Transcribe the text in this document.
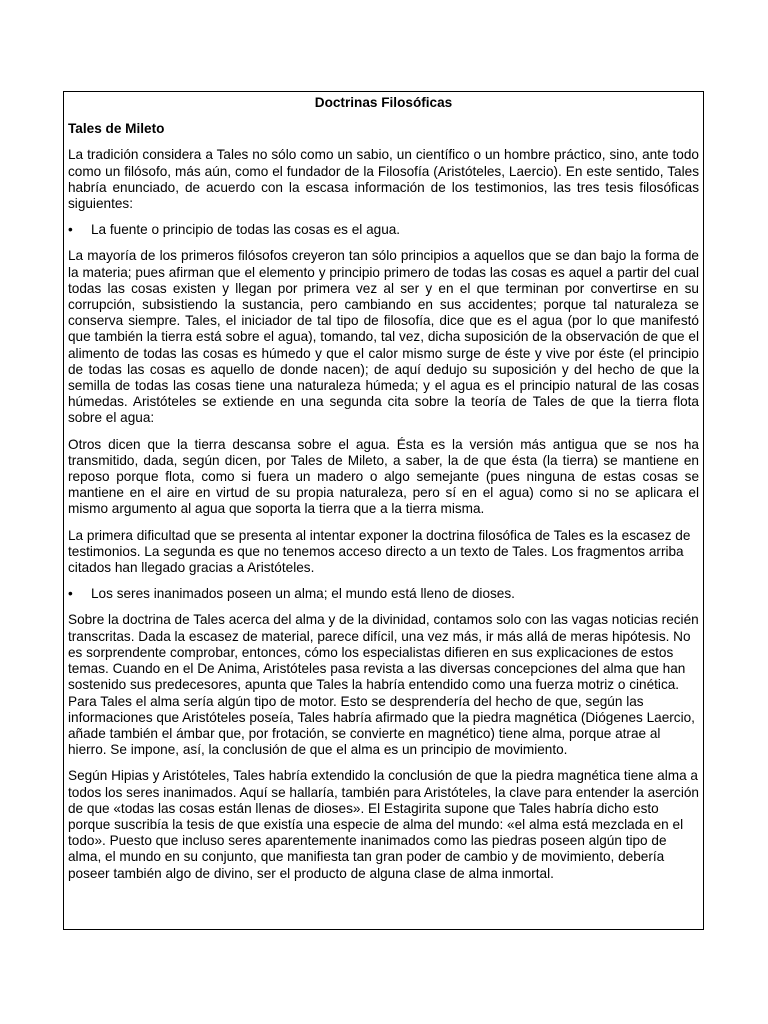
Doctrinas Filosóficas
Tales de Mileto

La tradición considera a Tales no sólo como un sabio, un científico o un hombre práctico, sino, ante todo como un filósofo, más aún, como el fundador de la Filosofía (Aristóteles, Laercio). En este sentido, Tales habría enunciado, de acuerdo con la escasa información de los testimonios, las tres tesis filosóficas siguientes:

• La fuente o principio de todas las cosas es el agua.

La mayoría de los primeros filósofos creyeron tan sólo principios a aquellos que se dan bajo la forma de la materia; pues afirman que el elemento y principio primero de todas las cosas es aquel a partir del cual todas las cosas existen y llegan por primera vez al ser y en el que terminan por convertirse en su corrupción, subsistiendo la sustancia, pero cambiando en sus accidentes; porque tal naturaleza se conserva siempre. Tales, el iniciador de tal tipo de filosofía, dice que es el agua (por lo que manifestó que también la tierra está sobre el agua), tomando, tal vez, dicha suposición de la observación de que el alimento de todas las cosas es húmedo y que el calor mismo surge de éste y vive por éste (el principio de todas las cosas es aquello de donde nacen); de aquí dedujo su suposición y del hecho de que la semilla de todas las cosas tiene una naturaleza húmeda; y el agua es el principio natural de las cosas húmedas. Aristóteles se extiende en una segunda cita sobre la teoría de Tales de que la tierra flota sobre el agua:

Otros dicen que la tierra descansa sobre el agua. Ésta es la versión más antigua que se nos ha transmitido, dada, según dicen, por Tales de Mileto, a saber, la de que ésta (la tierra) se mantiene en reposo porque flota, como si fuera un madero o algo semejante (pues ninguna de estas cosas se mantiene en el aire en virtud de su propia naturaleza, pero sí en el agua) como si no se aplicara el mismo argumento al agua que soporta la tierra que a la tierra misma.

La primera dificultad que se presenta al intentar exponer la doctrina filosófica de Tales es la escasez de testimonios. La segunda es que no tenemos acceso directo a un texto de Tales. Los fragmentos arriba citados han llegado gracias a Aristóteles.

• Los seres inanimados poseen un alma; el mundo está lleno de dioses.

Sobre la doctrina de Tales acerca del alma y de la divinidad, contamos solo con las vagas noticias recién transcritas. Dada la escasez de material, parece difícil, una vez más, ir más allá de meras hipótesis. No es sorprendente comprobar, entonces, cómo los especialistas difieren en sus explicaciones de estos temas. Cuando en el De Anima, Aristóteles pasa revista a las diversas concepciones del alma que han sostenido sus predecesores, apunta que Tales la habría entendido como una fuerza motriz o cinética. Para Tales el alma sería algún tipo de motor. Esto se desprendería del hecho de que, según las informaciones que Aristóteles poseía, Tales habría afirmado que la piedra magnética (Diógenes Laercio, añade también el ámbar que, por frotación, se convierte en magnético) tiene alma, porque atrae al hierro. Se impone, así, la conclusión de que el alma es un principio de movimiento.

Según Hipias y Aristóteles, Tales habría extendido la conclusión de que la piedra magnética tiene alma a todos los seres inanimados. Aquí se hallaría, también para Aristóteles, la clave para entender la aserción de que «todas las cosas están llenas de dioses». El Estagirita supone que Tales habría dicho esto porque suscribía la tesis de que existía una especie de alma del mundo: «el alma está mezclada en el todo». Puesto que incluso seres aparentemente inanimados como las piedras poseen algún tipo de alma, el mundo en su conjunto, que manifiesta tan gran poder de cambio y de movimiento, debería poseer también algo de divino, ser el producto de alguna clase de alma inmortal.
